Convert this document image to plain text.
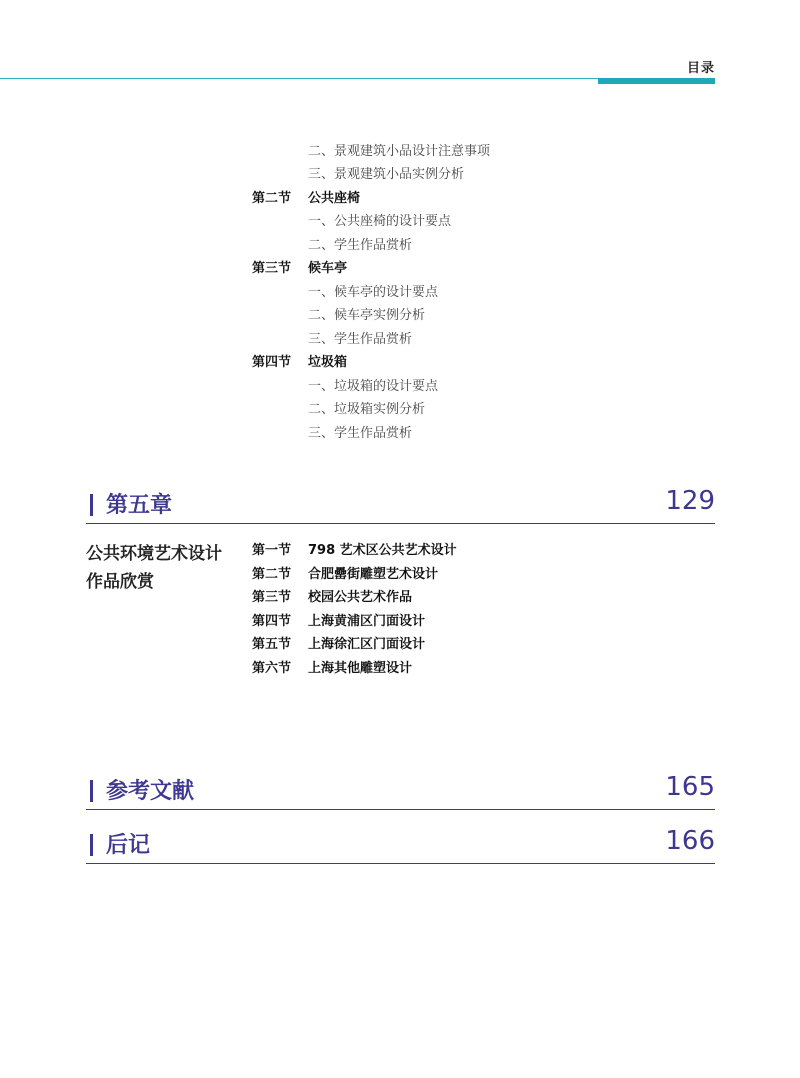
目录
二、景观建筑小品设计注意事项
三、景观建筑小品实例分析
第二节 公共座椅
一、公共座椅的设计要点
二、学生作品赏析
第三节 候车亭
一、候车亭的设计要点
二、候车亭实例分析
三、学生作品赏析
第四节 垃圾箱
一、垃圾箱的设计要点
二、垃圾箱实例分析
三、学生作品赏析
第五章	129
公共环境艺术设计
作品欣赏
第一节 798 艺术区公共艺术设计
第二节 合肥罍街雕塑艺术设计
第三节 校园公共艺术作品
第四节 上海黄浦区门面设计
第五节 上海徐汇区门面设计
第六节 上海其他雕塑设计
参考文献	165
后记	166
